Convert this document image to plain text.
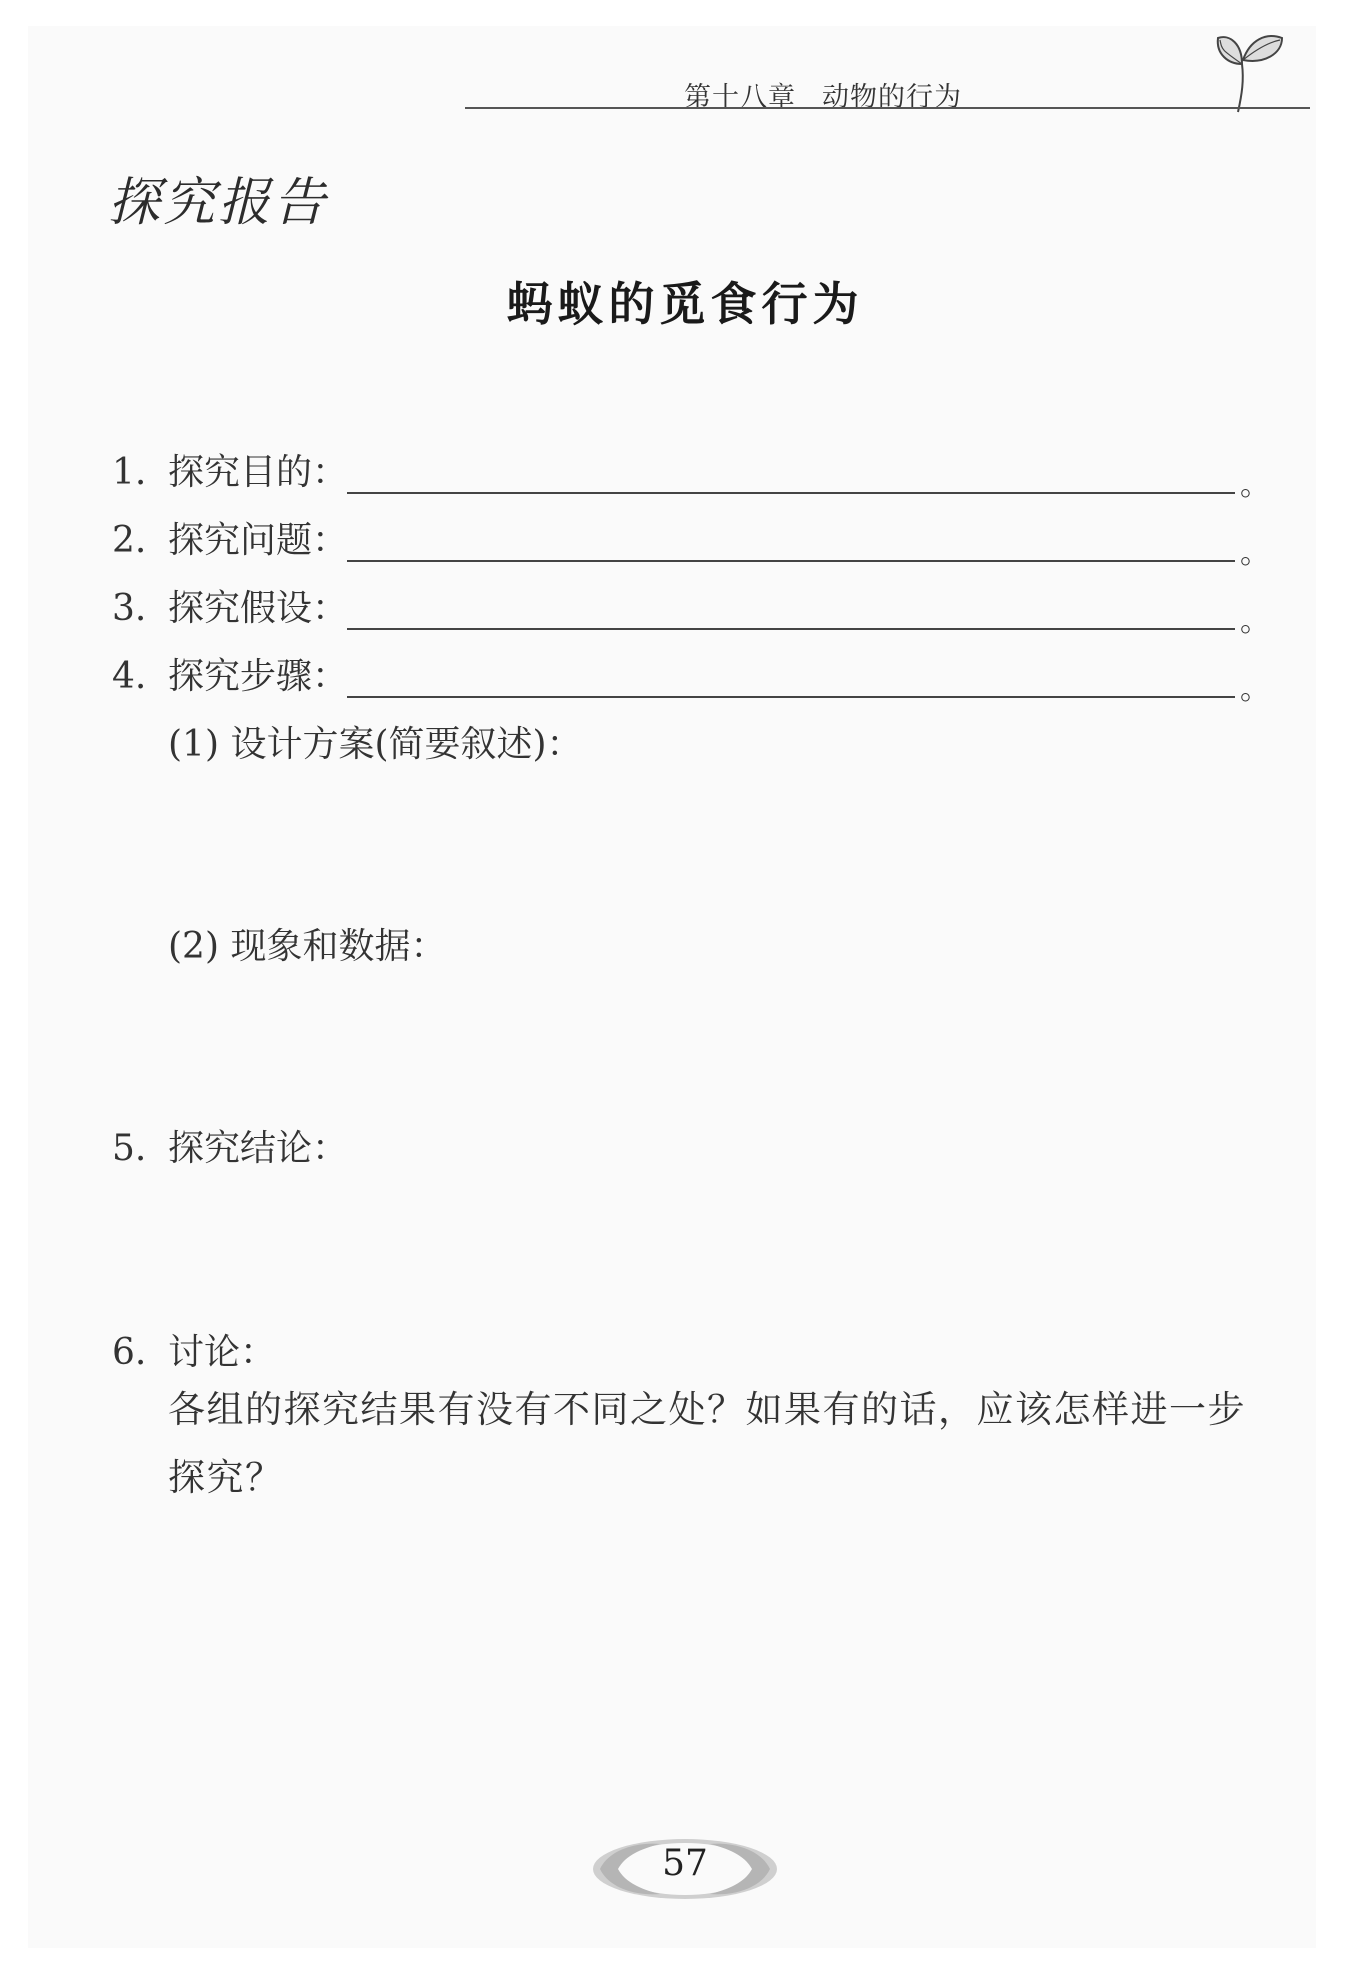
第十八章 动物的行为
探究报告
蚂蚁的觅食行为
1. 探究目的：	。
2. 探究问题：	。
3. 探究假设：	。
4. 探究步骤：	。
(1) 设计方案(简要叙述)：
(2) 现象和数据：
5. 探究结论：
6. 讨论：
各组的探究结果有没有不同之处？如果有的话，应该怎样进一步探究？
57
